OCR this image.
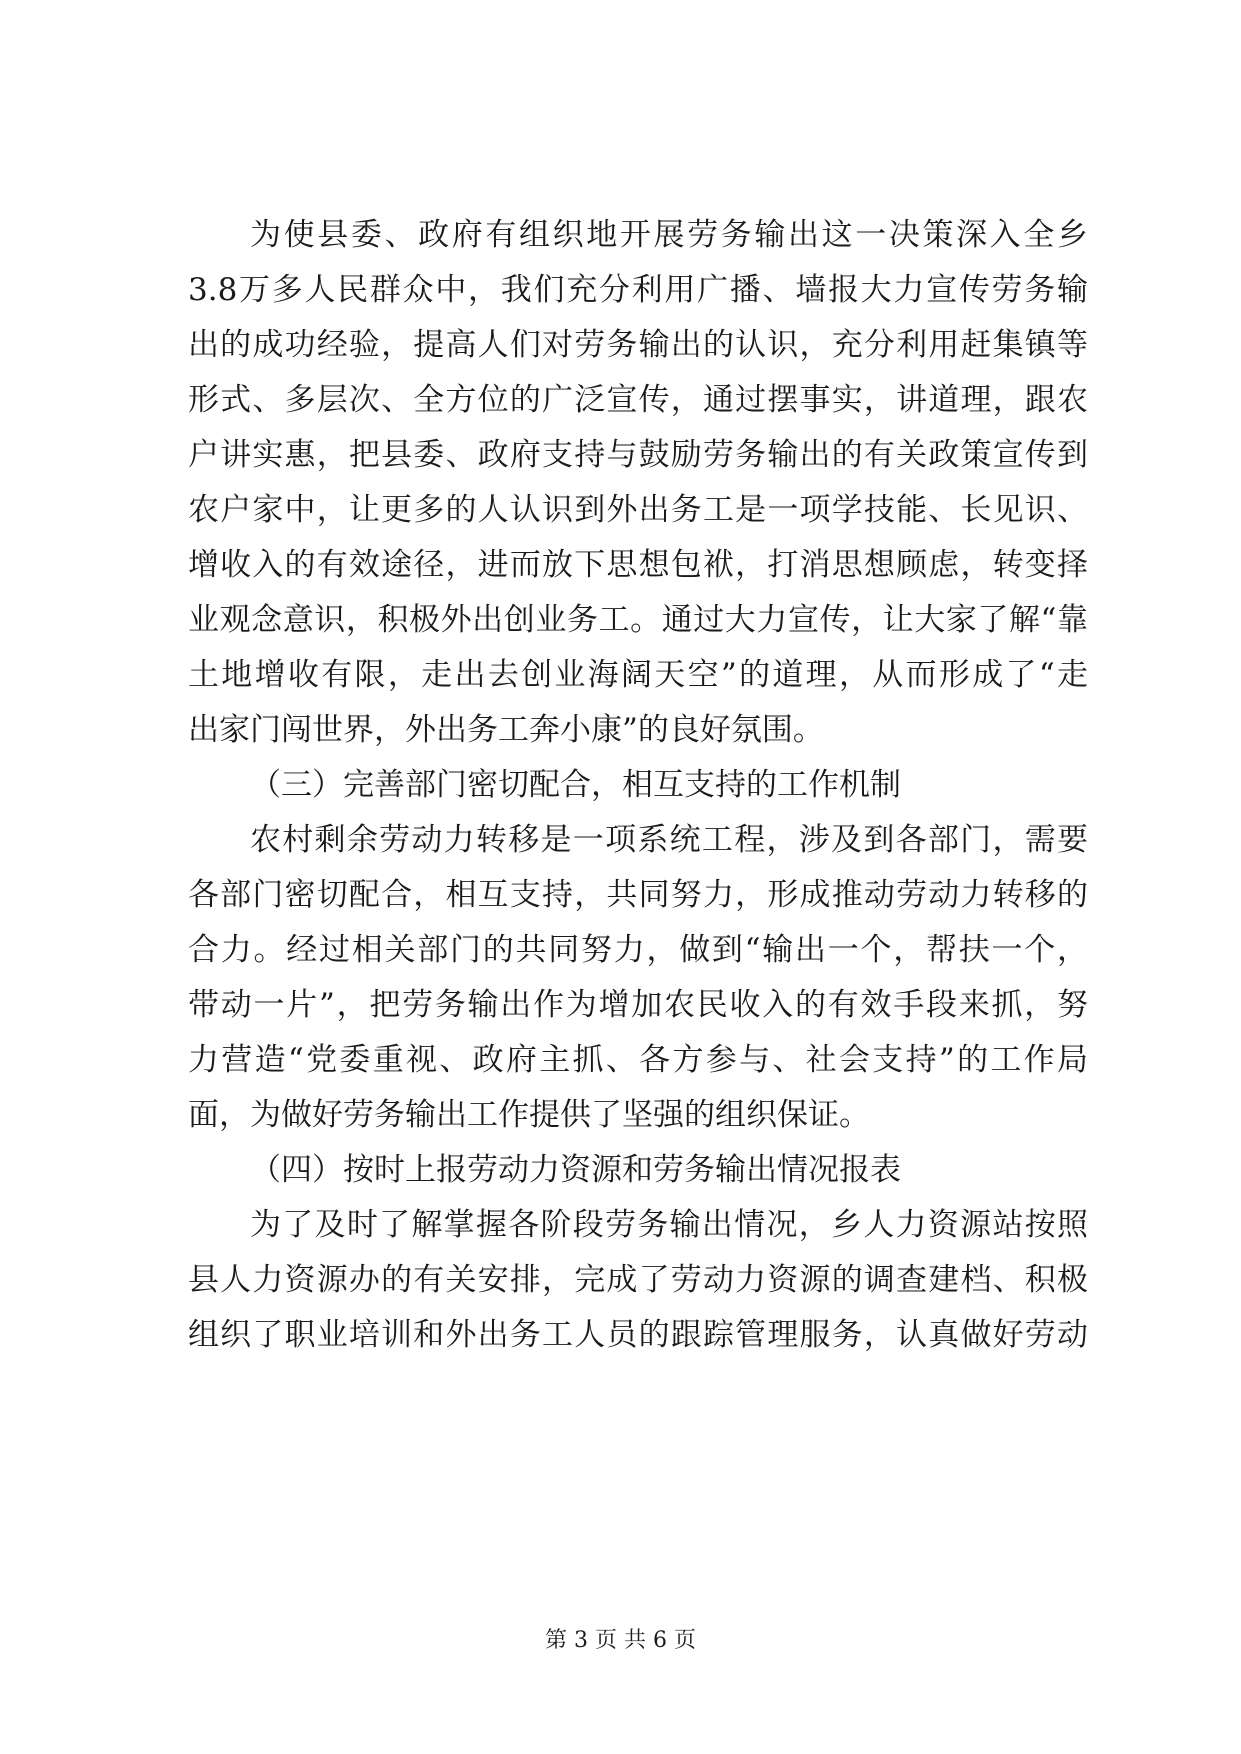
为使县委、政府有组织地开展劳务输出这一决策深入全乡
3.8万多人民群众中，我们充分利用广播、墙报大力宣传劳务输
出的成功经验，提高人们对劳务输出的认识，充分利用赶集镇等
形式、多层次、全方位的广泛宣传，通过摆事实，讲道理，跟农
户讲实惠，把县委、政府支持与鼓励劳务输出的有关政策宣传到
农户家中，让更多的人认识到外出务工是一项学技能、长见识、
增收入的有效途径，进而放下思想包袱，打消思想顾虑，转变择
业观念意识，积极外出创业务工。通过大力宣传，让大家了解“靠
土地增收有限，走出去创业海阔天空”的道理，从而形成了“走
出家门闯世界，外出务工奔小康”的良好氛围。
（三）完善部门密切配合，相互支持的工作机制
农村剩余劳动力转移是一项系统工程，涉及到各部门，需要
各部门密切配合，相互支持，共同努力，形成推动劳动力转移的
合力。经过相关部门的共同努力，做到“输出一个，帮扶一个，
带动一片”，把劳务输出作为增加农民收入的有效手段来抓，努
力营造“党委重视、政府主抓、各方参与、社会支持”的工作局
面，为做好劳务输出工作提供了坚强的组织保证。
（四）按时上报劳动力资源和劳务输出情况报表
为了及时了解掌握各阶段劳务输出情况，乡人力资源站按照
县人力资源办的有关安排，完成了劳动力资源的调查建档、积极
组织了职业培训和外出务工人员的跟踪管理服务，认真做好劳动
第 3 页 共 6 页
